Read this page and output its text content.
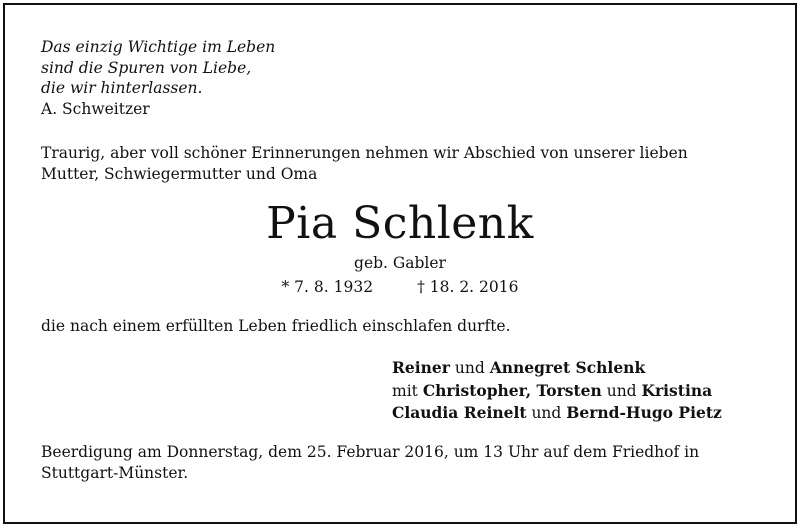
Das einzig Wichtige im Leben
sind die Spuren von Liebe,
die wir hinterlassen.
A. Schweitzer
Traurig, aber voll schöner Erinnerungen nehmen wir Abschied von unserer lieben
Mutter, Schwiegermutter und Oma
Pia Schlenk
geb. Gabler
* 7. 8. 1932	† 18. 2. 2016
die nach einem erfüllten Leben friedlich einschlafen durfte.
Reiner und Annegret Schlenk
mit Christopher, Torsten und Kristina
Claudia Reinelt und Bernd-Hugo Pietz
Beerdigung am Donnerstag, dem 25. Februar 2016, um 13 Uhr auf dem Friedhof in
Stuttgart-Münster.
